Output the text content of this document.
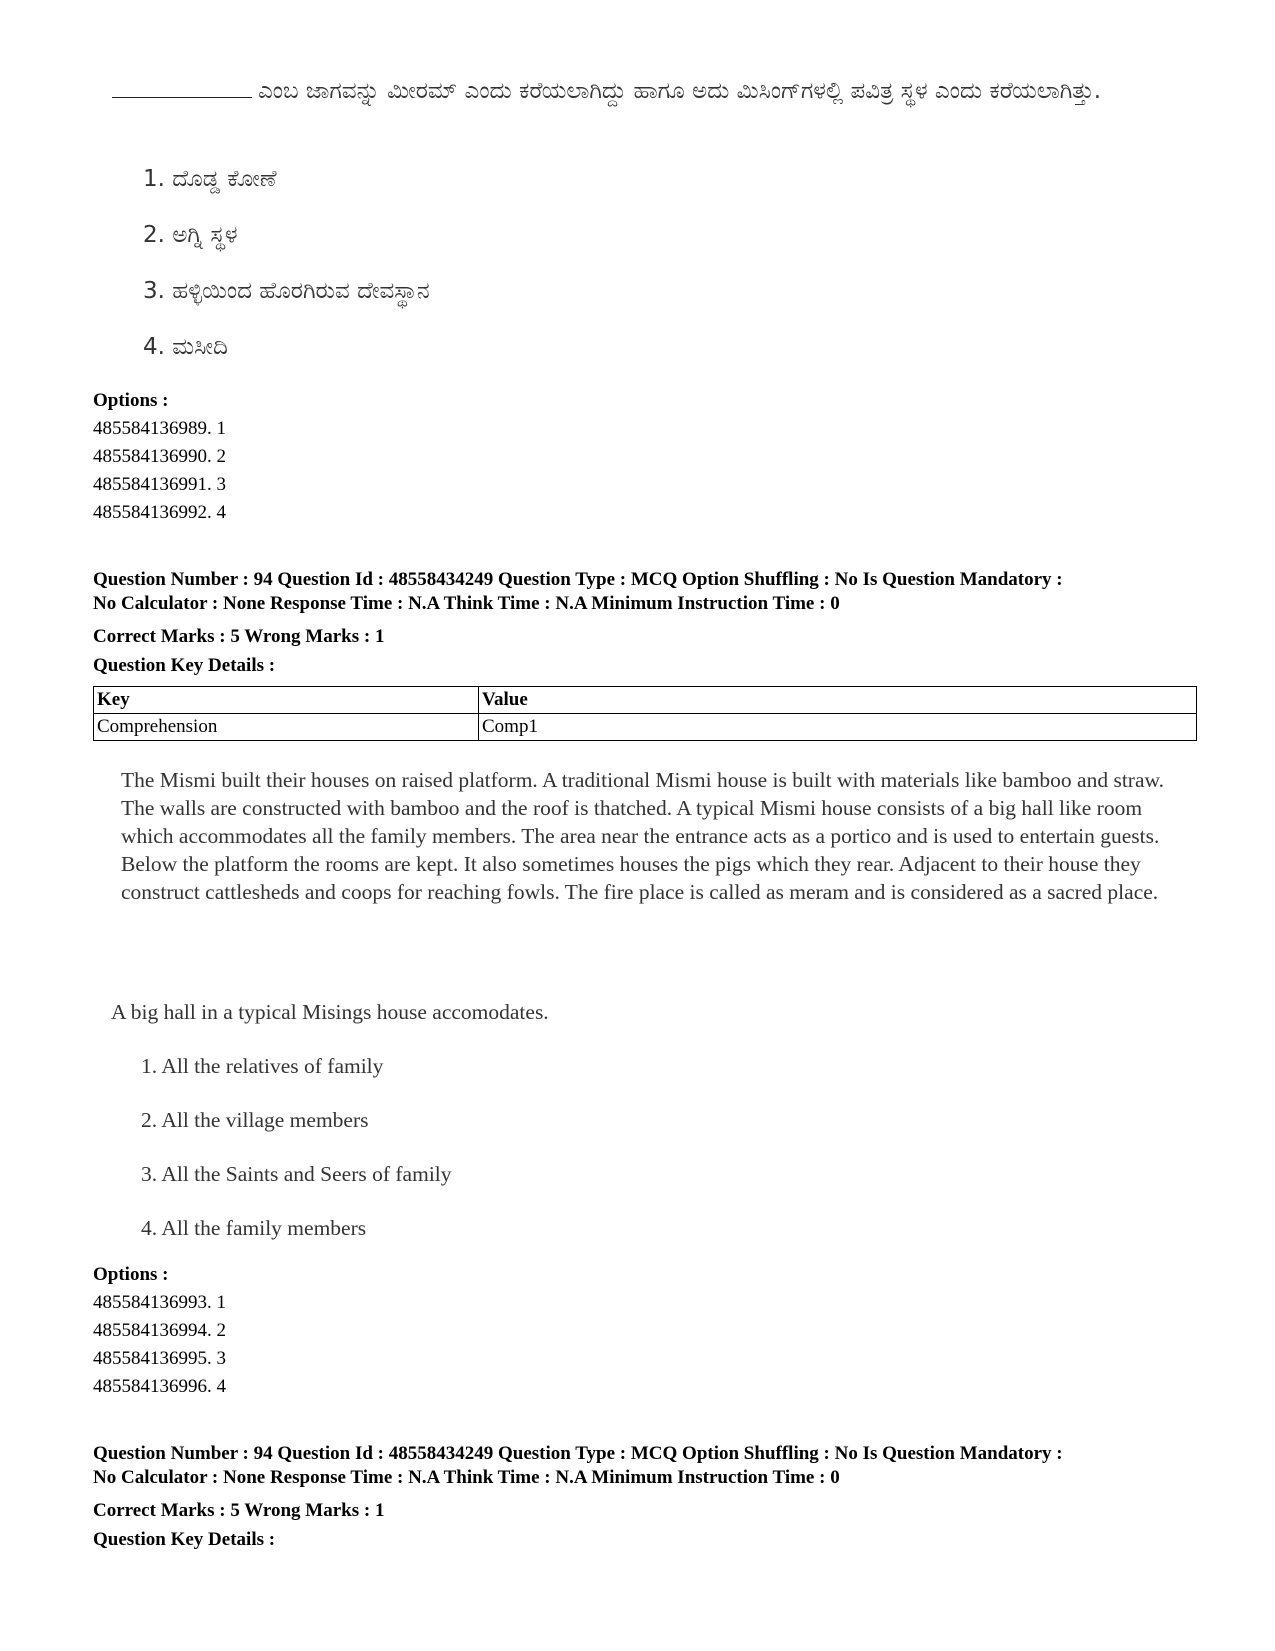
ಎಂಬ ಜಾಗವನ್ನು ಮೀರಮ್ ಎಂದು ಕರೆಯಲಾಗಿದ್ದು ಹಾಗೂ ಅದು ಮಿಸಿಂಗ್‌ಗಳಲ್ಲಿ ಪವಿತ್ರ ಸ್ಥಳ ಎಂದು ಕರೆಯಲಾಗಿತ್ತು.
1. ದೊಡ್ಡ ಕೋಣೆ
2. ಅಗ್ನಿ ಸ್ಥಳ
3. ಹಳ್ಳಿಯಿಂದ ಹೊರಗಿರುವ ದೇವಸ್ಥಾನ
4. ಮಸೀದಿ
Options :
485584136989. 1
485584136990. 2
485584136991. 3
485584136992. 4
Question Number : 94 Question Id : 48558434249 Question Type : MCQ Option Shuffling : No Is Question Mandatory :
No Calculator : None Response Time : N.A Think Time : N.A Minimum Instruction Time : 0
Correct Marks : 5 Wrong Marks : 1
Question Key Details :
Key	Value
Comprehension	Comp1
The Mismi built their houses on raised platform. A traditional Mismi house is built with materials like bamboo and straw. The walls are constructed with bamboo and the roof is thatched. A typical Mismi house consists of a big hall like room which accommodates all the family members. The area near the entrance acts as a portico and is used to entertain guests. Below the platform the rooms are kept. It also sometimes houses the pigs which they rear. Adjacent to their house they construct cattlesheds and coops for reaching fowls. The fire place is called as meram and is considered as a sacred place.
A big hall in a typical Misings house accomodates.
1. All the relatives of family
2. All the village members
3. All the Saints and Seers of family
4. All the family members
Options :
485584136993. 1
485584136994. 2
485584136995. 3
485584136996. 4
Question Number : 94 Question Id : 48558434249 Question Type : MCQ Option Shuffling : No Is Question Mandatory :
No Calculator : None Response Time : N.A Think Time : N.A Minimum Instruction Time : 0
Correct Marks : 5 Wrong Marks : 1
Question Key Details :
